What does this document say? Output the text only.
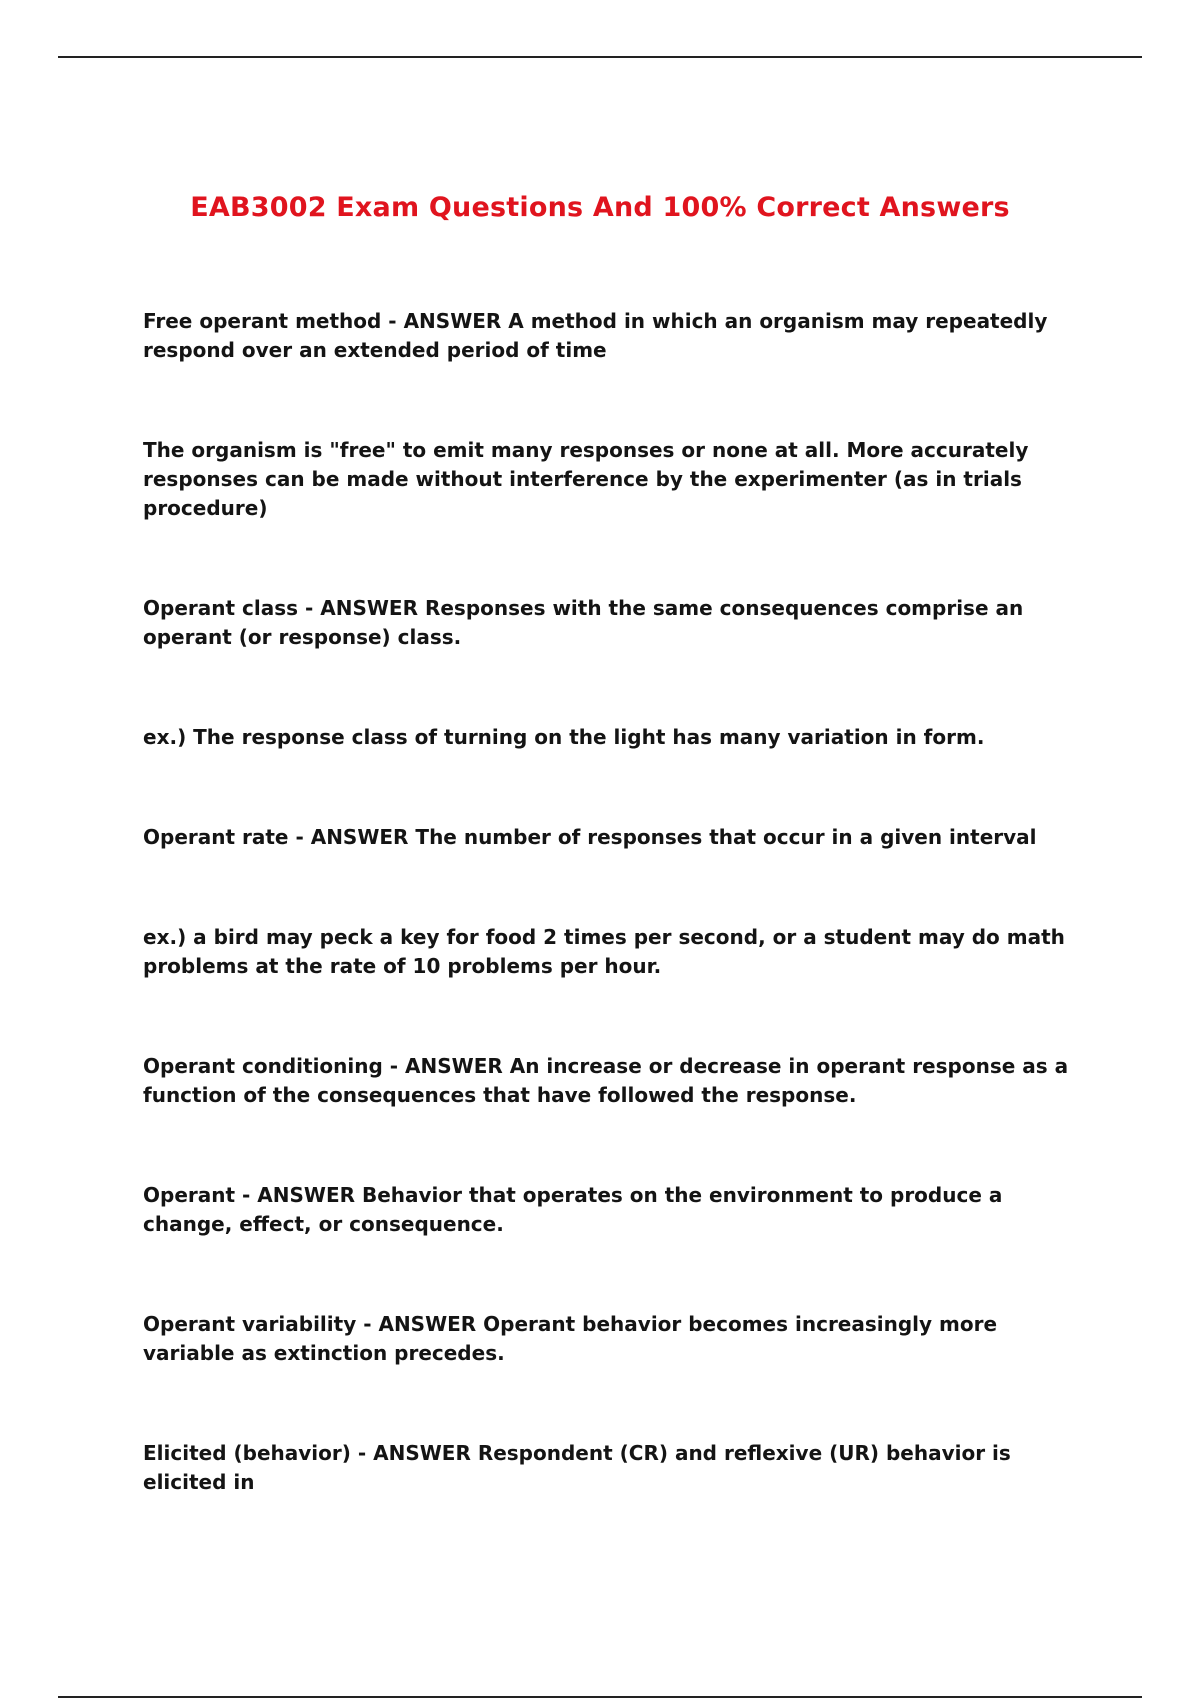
EAB3002 Exam Questions And 100% Correct Answers

Free operant method - ANSWER A method in which an organism may repeatedly respond over an extended period of time

The organism is "free" to emit many responses or none at all. More accurately responses can be made without interference by the experimenter (as in trials procedure)

Operant class - ANSWER Responses with the same consequences comprise an operant (or response) class.

ex.) The response class of turning on the light has many variation in form.

Operant rate - ANSWER The number of responses that occur in a given interval

ex.) a bird may peck a key for food 2 times per second, or a student may do math problems at the rate of 10 problems per hour.

Operant conditioning - ANSWER An increase or decrease in operant response as a function of the consequences that have followed the response.

Operant - ANSWER Behavior that operates on the environment to produce a change, effect, or consequence.

Operant variability - ANSWER Operant behavior becomes increasingly more variable as extinction precedes.

Elicited (behavior) - ANSWER Respondent (CR) and reflexive (UR) behavior is elicited in
